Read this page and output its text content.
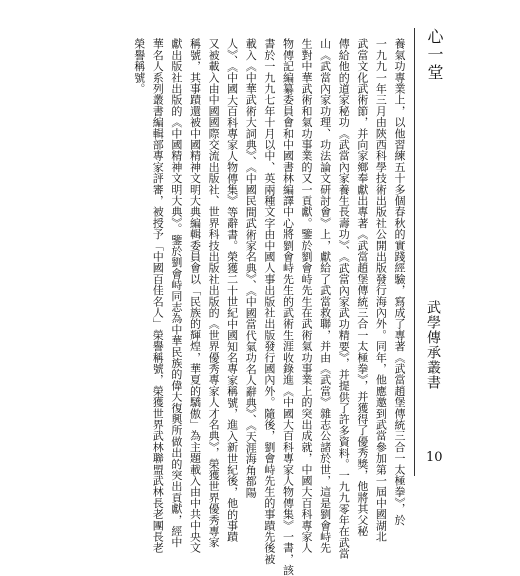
養氣功專業上，以他習練五十多個春秋的實踐經驗，寫成了專著《武當趙堡傳統三合一太極拳》，於
一九九一年三月由陝西科學技術出版社公開出版發行海內外。同年，他應邀到武當參加第一屆中國湖北
武當文化武術節，并向家鄉奉獻出專著《武當趙堡傳統三合一太極拳》，并獲得了優秀獎，他將其父秘
傳給他的道家秘功《武當內家養生長壽功》、《武當內家武功精要》，并提供了許多資料。一九九零年在武當
山《武當內家功理、功法論文研討會》上，獻給了武當救聯，并由《武當》雜志公諸於世，這是劉會峙先
生對中華武術和氣功事業的又一貢獻。鑒於劉會峙先生在武術氣功事業上的突出成就，中國大百科專家人
物傳記編纂委員會和中國書林編譯中心將劉會峙先生的武術生涯收錄進《中國大百科專家人物傳集》一書，該
書於一九九七年十月以中、英兩種文字由中國人事出版社出版發行國內外。隨後，劉會峙先生的事蹟先後被
載入《中華武術大詞典》、《中國民間武術家名典》、《中國當代氣功名人辭典》、《天涯海角都陽
人》、《中國大百科專家人物傳集》等辭書。榮獲二十世紀中國知名專家稱號，進入新世紀後，他的事蹟
又被載入由中國國際交流出版社、世界科技出版社出版的《世界優秀專家人才名典》，榮獲世界優秀專家
稱號，其事蹟還被中國精神文明大典編輯委員會以「民族的輝煌，華夏的驕傲」為主題載入由中共中央文
獻出版社出版的《中國精神文明大典》。鑒於劉會峙同志為中華民族的偉大復興所做出的突出貢獻，經中
華名人系列叢書編輯部專家評審，被授予「中國百佳名人」榮譽稱號，榮獲世界武林聯盟武林長老團長老
榮譽稱號。	心一堂
武學傳承叢書
10
